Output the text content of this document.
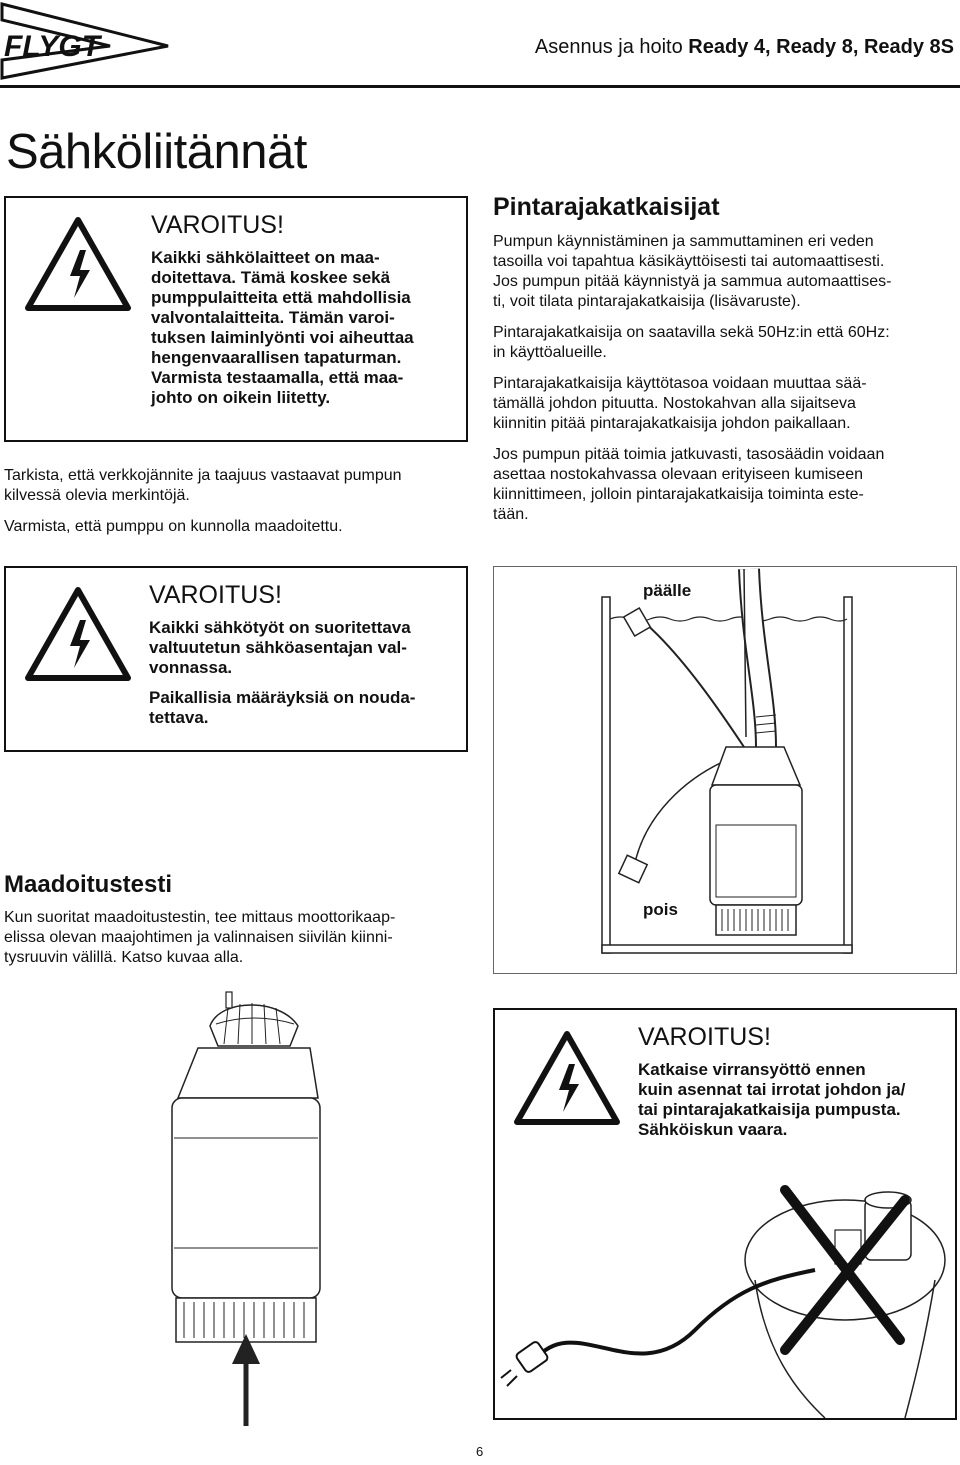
FLYGT	Asennus ja hoito Ready 4, Ready 8, Ready 8S
Sähköliitännät
VAROITUS!
Kaikki sähkölaitteet on maa-
doitettava. Tämä koskee sekä
pumppulaitteita että mahdollisia
valvontalaitteita. Tämän varoi-
tuksen laiminlyönti voi aiheuttaa
hengenvaarallisen tapaturman.
Varmista testaamalla, että maa-
johto on oikein liitetty.

Tarkista, että verkkojännite ja taajuus vastaavat pumpun
kilvessä olevia merkintöjä.

Varmista, että pumppu on kunnolla maadoitettu.

VAROITUS!
Kaikki sähkötyöt on suoritettava
valtuutetun sähköasentajan val-
vonnassa.
Paikallisia määräyksiä on nouda-
tettava.
Pintarajakatkaisijat

Pumpun käynnistäminen ja sammuttaminen eri veden
tasoilla voi tapahtua käsikäyttöisesti tai automaattisesti.
Jos pumpun pitää käynnistyä ja sammua automaattises-
ti, voit tilata pintarajakatkaisija (lisävaruste).

Pintarajakatkaisija on saatavilla sekä 50Hz:in että 60Hz:
in käyttöalueille.

Pintarajakatkaisija käyttötasoa voidaan muuttaa sää-
tämällä johdon pituutta. Nostokahvan alla sijaitseva
kiinnitin pitää pintarajakatkaisija johdon paikallaan.

Jos pumpun pitää toimia jatkuvasti, tasosäädin voidaan
asettaa nostokahvassa olevaan erityiseen kumiseen
kiinnittimeen, jolloin pintarajakatkaisija toiminta este-
tään.

päälle
pois
Maadoitustesti

Kun suoritat maadoitustestin, tee mittaus moottorikaap-
elissa olevan maajohtimen ja valinnaisen siivilän kiinni-
tysruuvin välillä. Katso kuvaa alla.

VAROITUS!
Katkaise virransyöttö ennen
kuin asennat tai irrotat johdon ja/
tai pintarajakatkaisija pumpusta.
Sähköiskun vaara.
6
